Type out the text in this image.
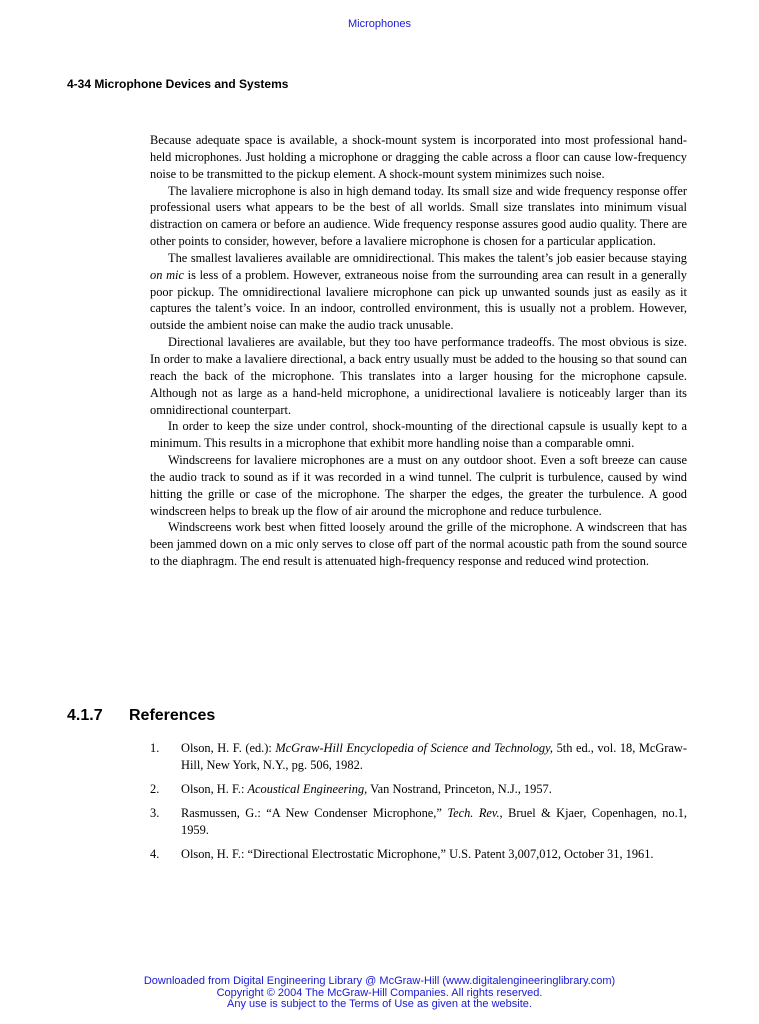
Microphones
4-34 Microphone Devices and Systems

Because adequate space is available, a shock-mount system is incorporated into most professional hand-held microphones. Just holding a microphone or dragging the cable across a floor can cause low-frequency noise to be transmitted to the pickup element. A shock-mount system minimizes such noise.

The lavaliere microphone is also in high demand today. Its small size and wide frequency response offer professional users what appears to be the best of all worlds. Small size translates into minimum visual distraction on camera or before an audience. Wide frequency response assures good audio quality. There are other points to consider, however, before a lavaliere microphone is chosen for a particular application.

The smallest lavalieres available are omnidirectional. This makes the talent’s job easier because staying on mic is less of a problem. However, extraneous noise from the surrounding area can result in a generally poor pickup. The omnidirectional lavaliere microphone can pick up unwanted sounds just as easily as it captures the talent’s voice. In an indoor, controlled environment, this is usually not a problem. However, outside the ambient noise can make the audio track unusable.

Directional lavalieres are available, but they too have performance tradeoffs. The most obvious is size. In order to make a lavaliere directional, a back entry usually must be added to the housing so that sound can reach the back of the microphone. This translates into a larger housing for the microphone capsule. Although not as large as a hand-held microphone, a unidirectional lavaliere is noticeably larger than its omnidirectional counterpart.

In order to keep the size under control, shock-mounting of the directional capsule is usually kept to a minimum. This results in a microphone that exhibit more handling noise than a comparable omni.

Windscreens for lavaliere microphones are a must on any outdoor shoot. Even a soft breeze can cause the audio track to sound as if it was recorded in a wind tunnel. The culprit is turbulence, caused by wind hitting the grille or case of the microphone. The sharper the edges, the greater the turbulence. A good windscreen helps to break up the flow of air around the microphone and reduce turbulence.

Windscreens work best when fitted loosely around the grille of the microphone. A windscreen that has been jammed down on a mic only serves to close off part of the normal acoustic path from the sound source to the diaphragm. The end result is attenuated high-frequency response and reduced wind protection.

4.1.7	References
1.	Olson, H. F. (ed.): McGraw-Hill Encyclopedia of Science and Technology, 5th ed., vol. 18, McGraw-Hill, New York, N.Y., pg. 506, 1982.
2.	Olson, H. F.: Acoustical Engineering, Van Nostrand, Princeton, N.J., 1957.
3.	Rasmussen, G.: “A New Condenser Microphone,” Tech. Rev., Bruel & Kjaer, Copenhagen, no.1, 1959.
4.	Olson, H. F.: “Directional Electrostatic Microphone,” U.S. Patent 3,007,012, October 31, 1961.
Downloaded from Digital Engineering Library @ McGraw-Hill (www.digitalengineeringlibrary.com)
Copyright © 2004 The McGraw-Hill Companies. All rights reserved.
Any use is subject to the Terms of Use as given at the website.
